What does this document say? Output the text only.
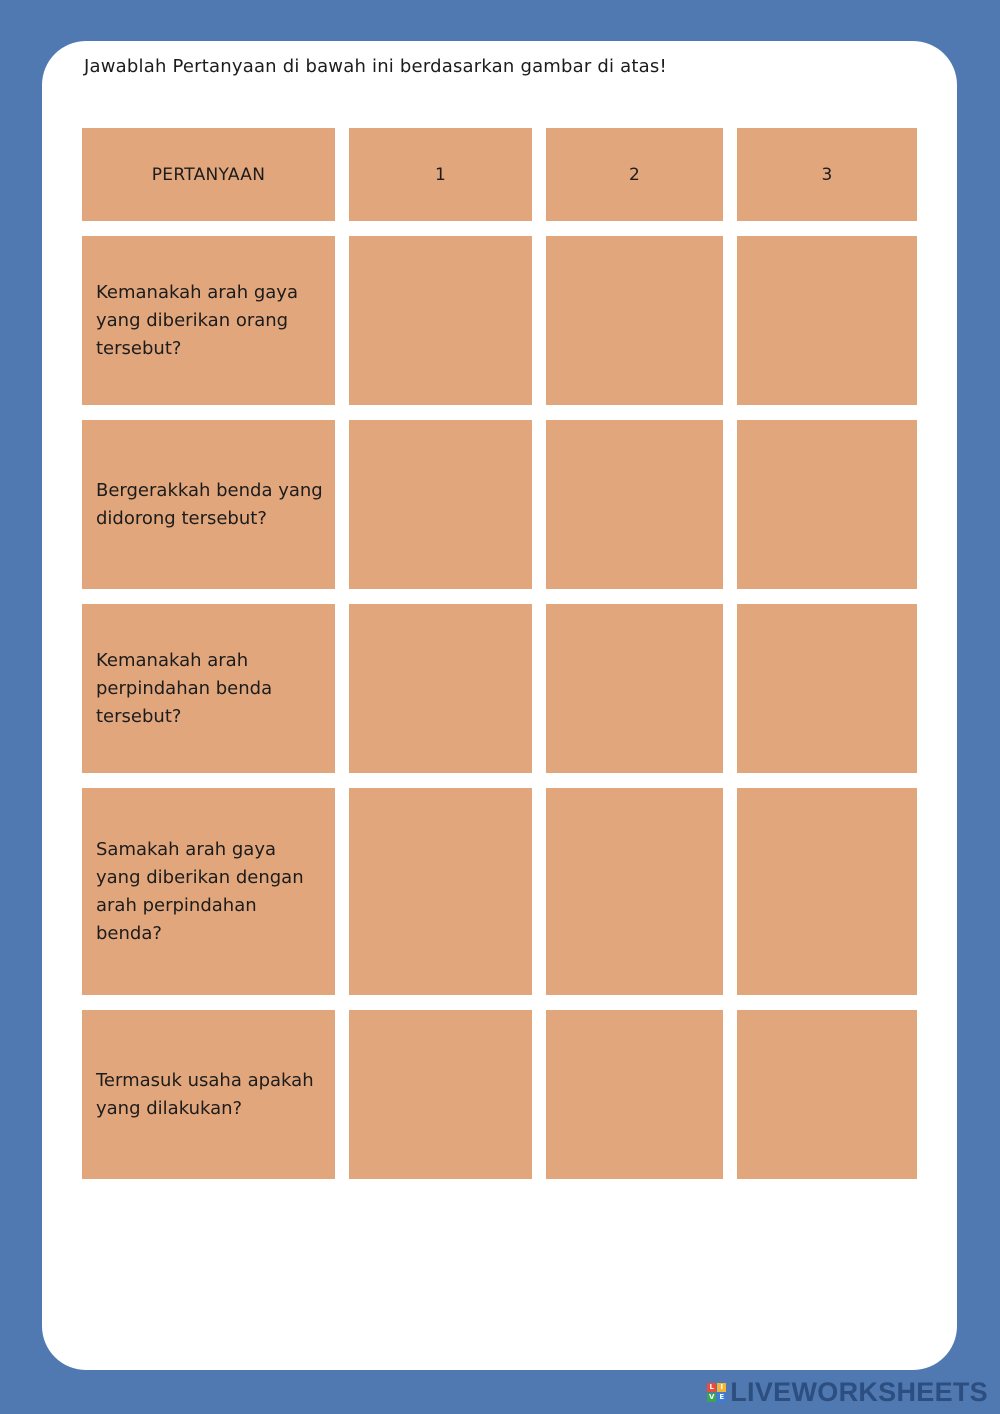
Jawablah Pertanyaan di bawah ini berdasarkan gambar di atas!
PERTANYAAN	1	2	3
Kemanakah arah gaya yang diberikan orang tersebut?
Bergerakkah benda yang didorong tersebut?
Kemanakah arah perpindahan benda tersebut?
Samakah arah gaya yang diberikan dengan arah perpindahan benda?
Termasuk usaha apakah yang dilakukan?
L I
V E LIVEWORKSHEETS
